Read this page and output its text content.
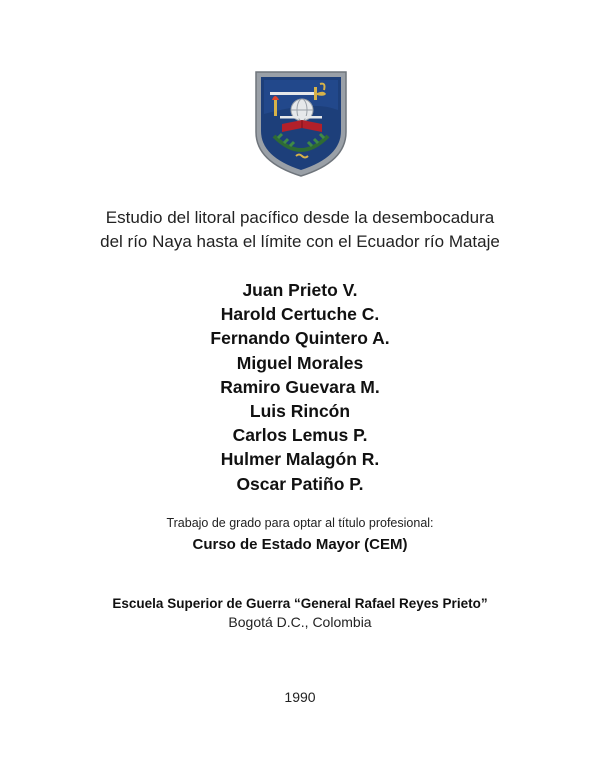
Estudio del litoral pacífico desde la desembocadura
del río Naya hasta el límite con el Ecuador río Mataje
Juan Prieto V.
Harold Certuche C.
Fernando Quintero A.
Miguel Morales
Ramiro Guevara M.
Luis Rincón
Carlos Lemus P.
Hulmer Malagón R.
Oscar Patiño P.
Trabajo de grado para optar al título profesional:
Curso de Estado Mayor (CEM)
Escuela Superior de Guerra “General Rafael Reyes Prieto”
Bogotá D.C., Colombia
1990
